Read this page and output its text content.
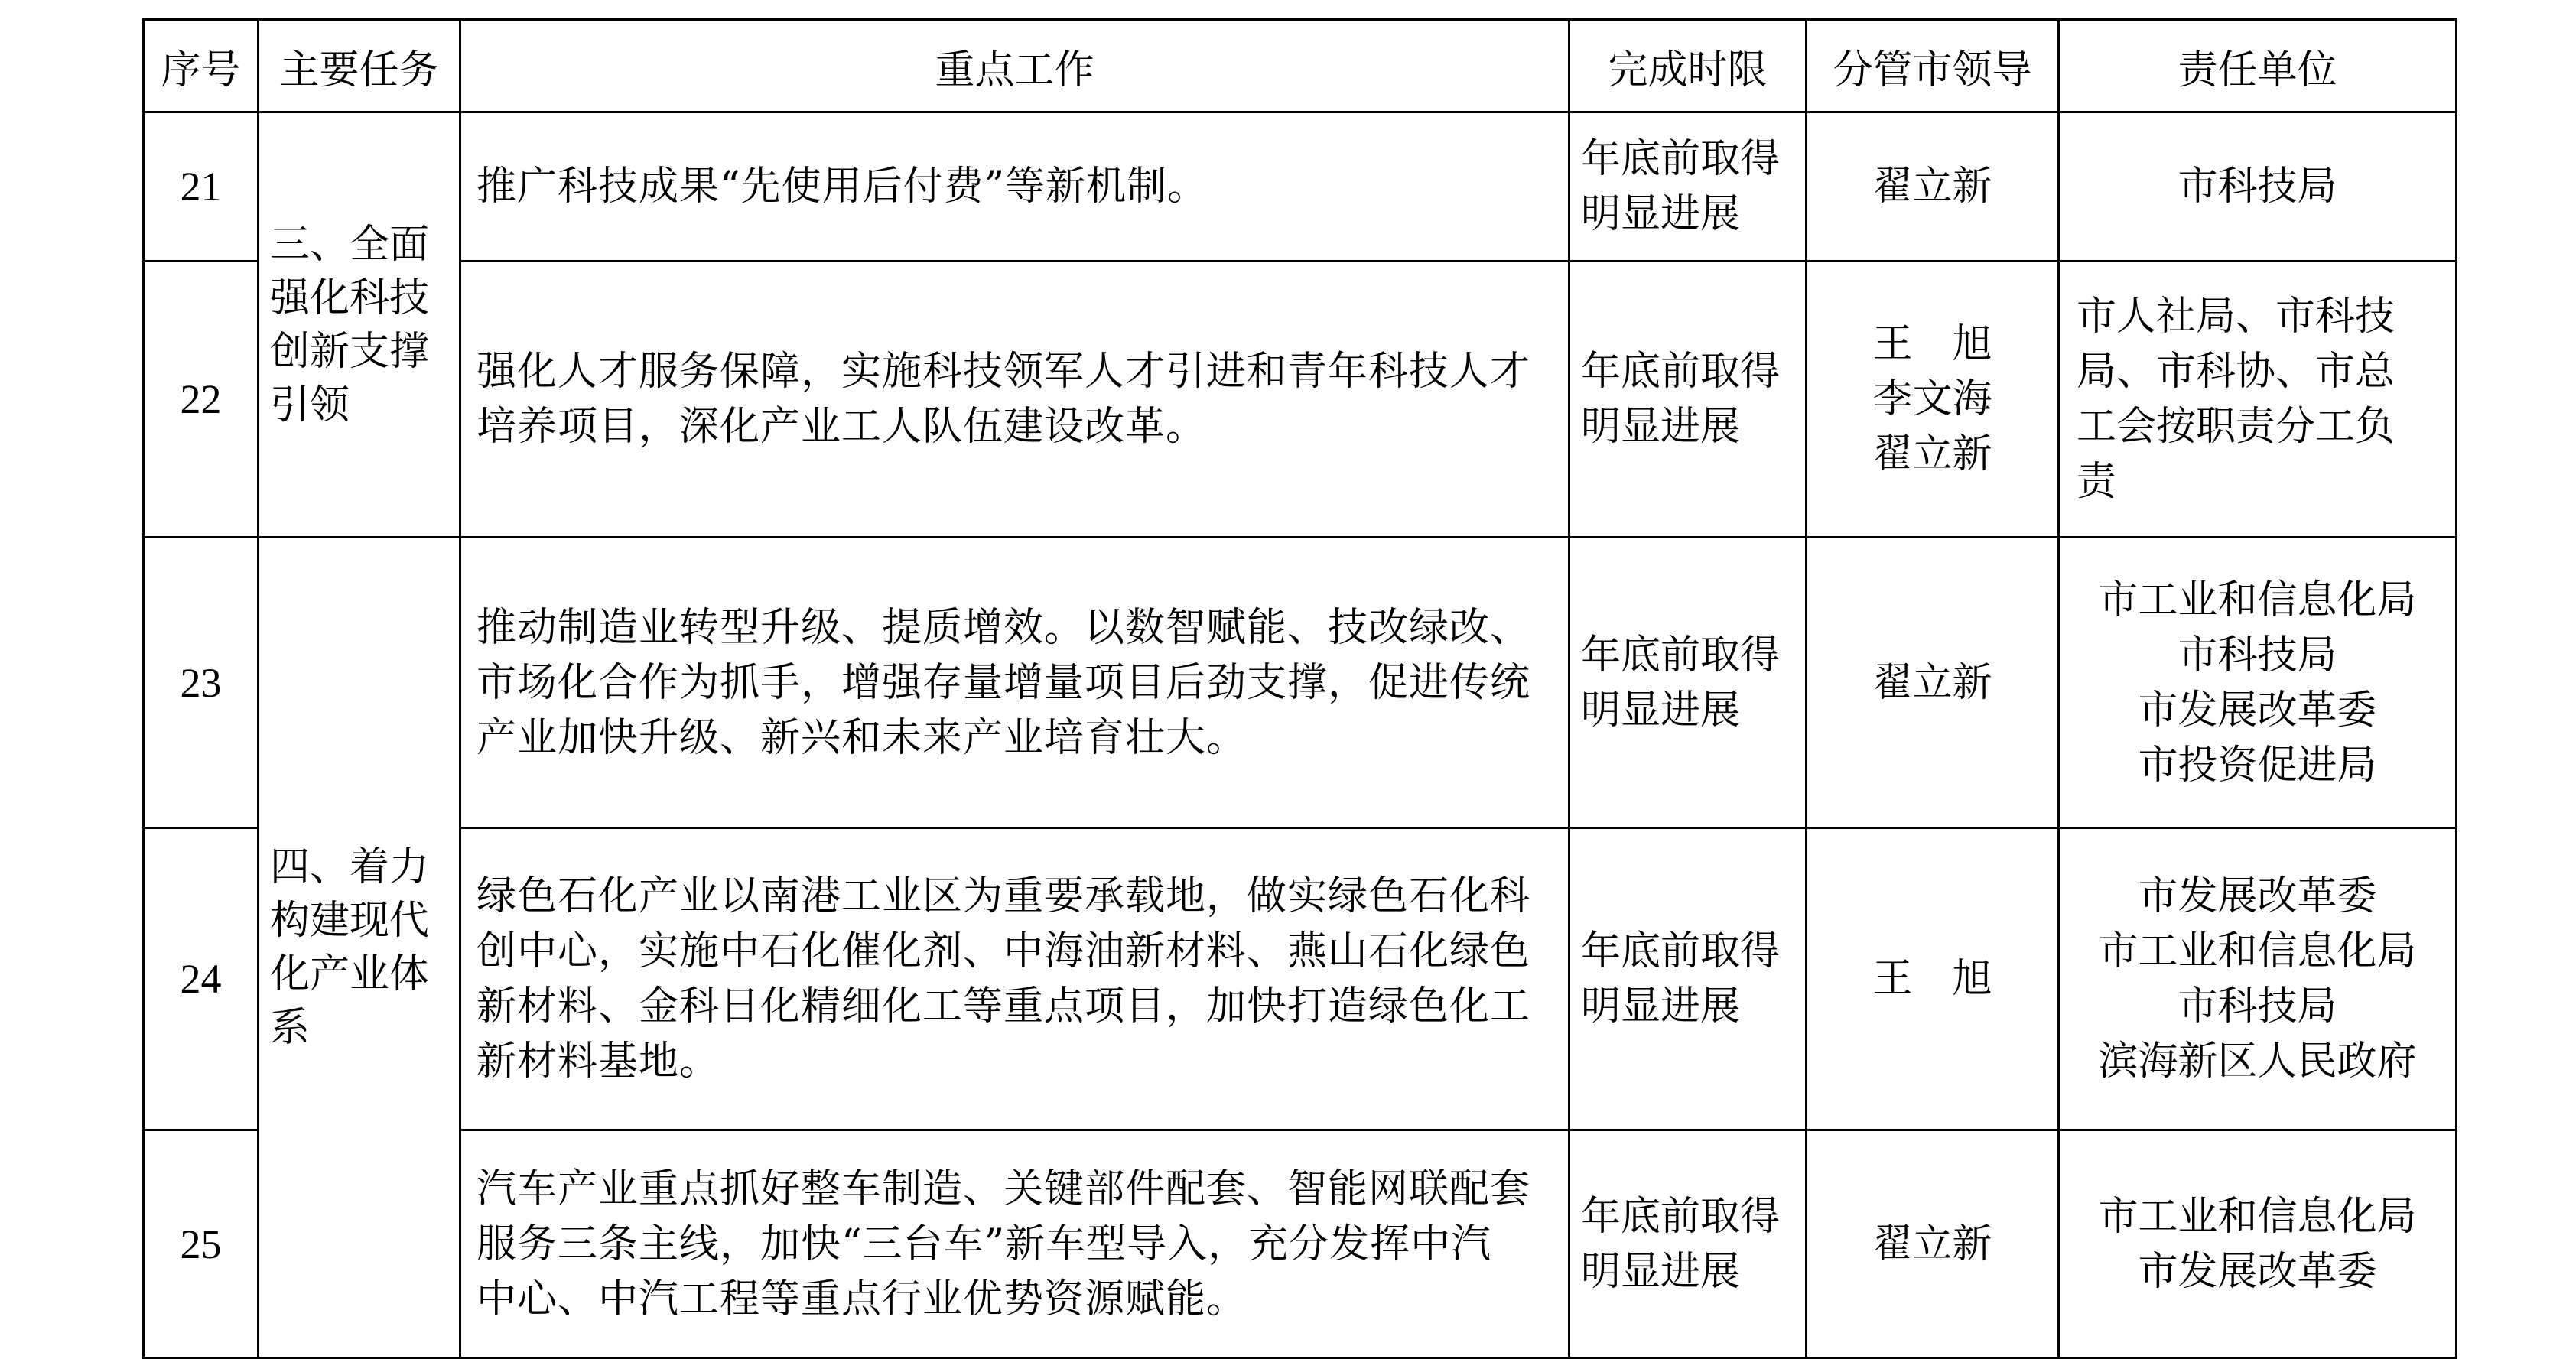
序号	主要任务	重点工作	完成时限	分管市领导	责任单位
21	三、全面强化科技创新支撑引领	推广科技成果“先使用后付费”等新机制。	年底前取得
明显进展	翟立新	市科技局

22		强化人才服务保障，实施科技领军人才引进和青年科技人才
培养项目，深化产业工人队伍建设改革。	年底前取得
明显进展	王　旭
李文海
翟立新	市人社局、市科技
局、市科协、市总
工会按职责分工负
责

23	四、着力构建现代化产业体系	推动制造业转型升级、提质增效。以数智赋能、技改绿改、
市场化合作为抓手，增强存量增量项目后劲支撑，促进传统
产业加快升级、新兴和未来产业培育壮大。	年底前取得
明显进展	翟立新	市工业和信息化局
市科技局
市发展改革委
市投资促进局

24		绿色石化产业以南港工业区为重要承载地，做实绿色石化科
创中心，实施中石化催化剂、中海油新材料、燕山石化绿色
新材料、金科日化精细化工等重点项目，加快打造绿色化工
新材料基地。	年底前取得
明显进展	王　旭	市发展改革委
市工业和信息化局
市科技局
滨海新区人民政府

25		汽车产业重点抓好整车制造、关键部件配套、智能网联配套
服务三条主线，加快“三台车”新车型导入，充分发挥中汽
中心、中汽工程等重点行业优势资源赋能。	年底前取得
明显进展	翟立新	市工业和信息化局
市发展改革委
